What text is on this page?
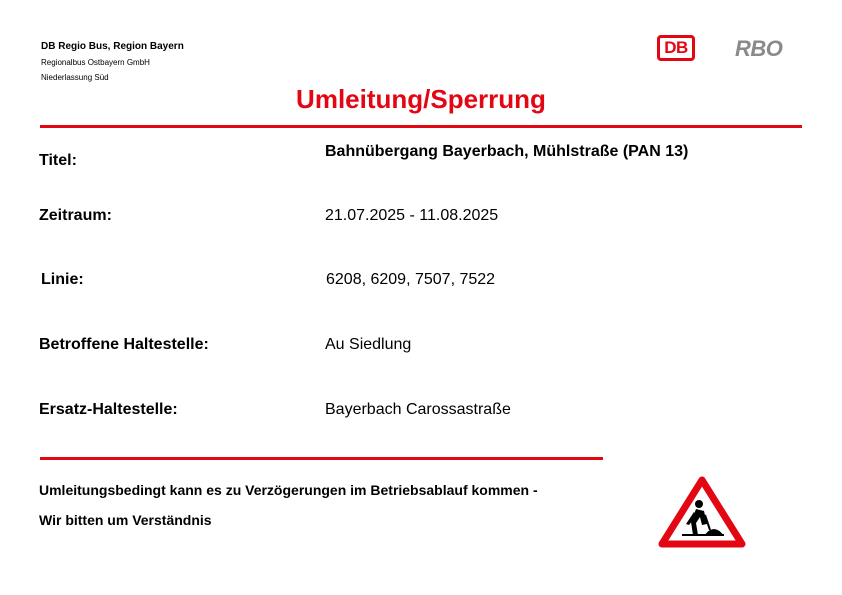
DB Regio Bus, Region Bayern
Regionalbus Ostbayern GmbH
Niederlassung Süd
DB	RBO
Umleitung/Sperrung
Titel:
Bahnübergang Bayerbach, Mühlstraße (PAN 13)
Zeitraum:	21.07.2025 - 11.08.2025
Linie:	6208, 6209, 7507, 7522
Betroffene Haltestelle:	Au Siedlung
Ersatz-Haltestelle:	Bayerbach Carossastraße
Umleitungsbedingt kann es zu Verzögerungen im Betriebsablauf kommen -
Wir bitten um Verständnis
